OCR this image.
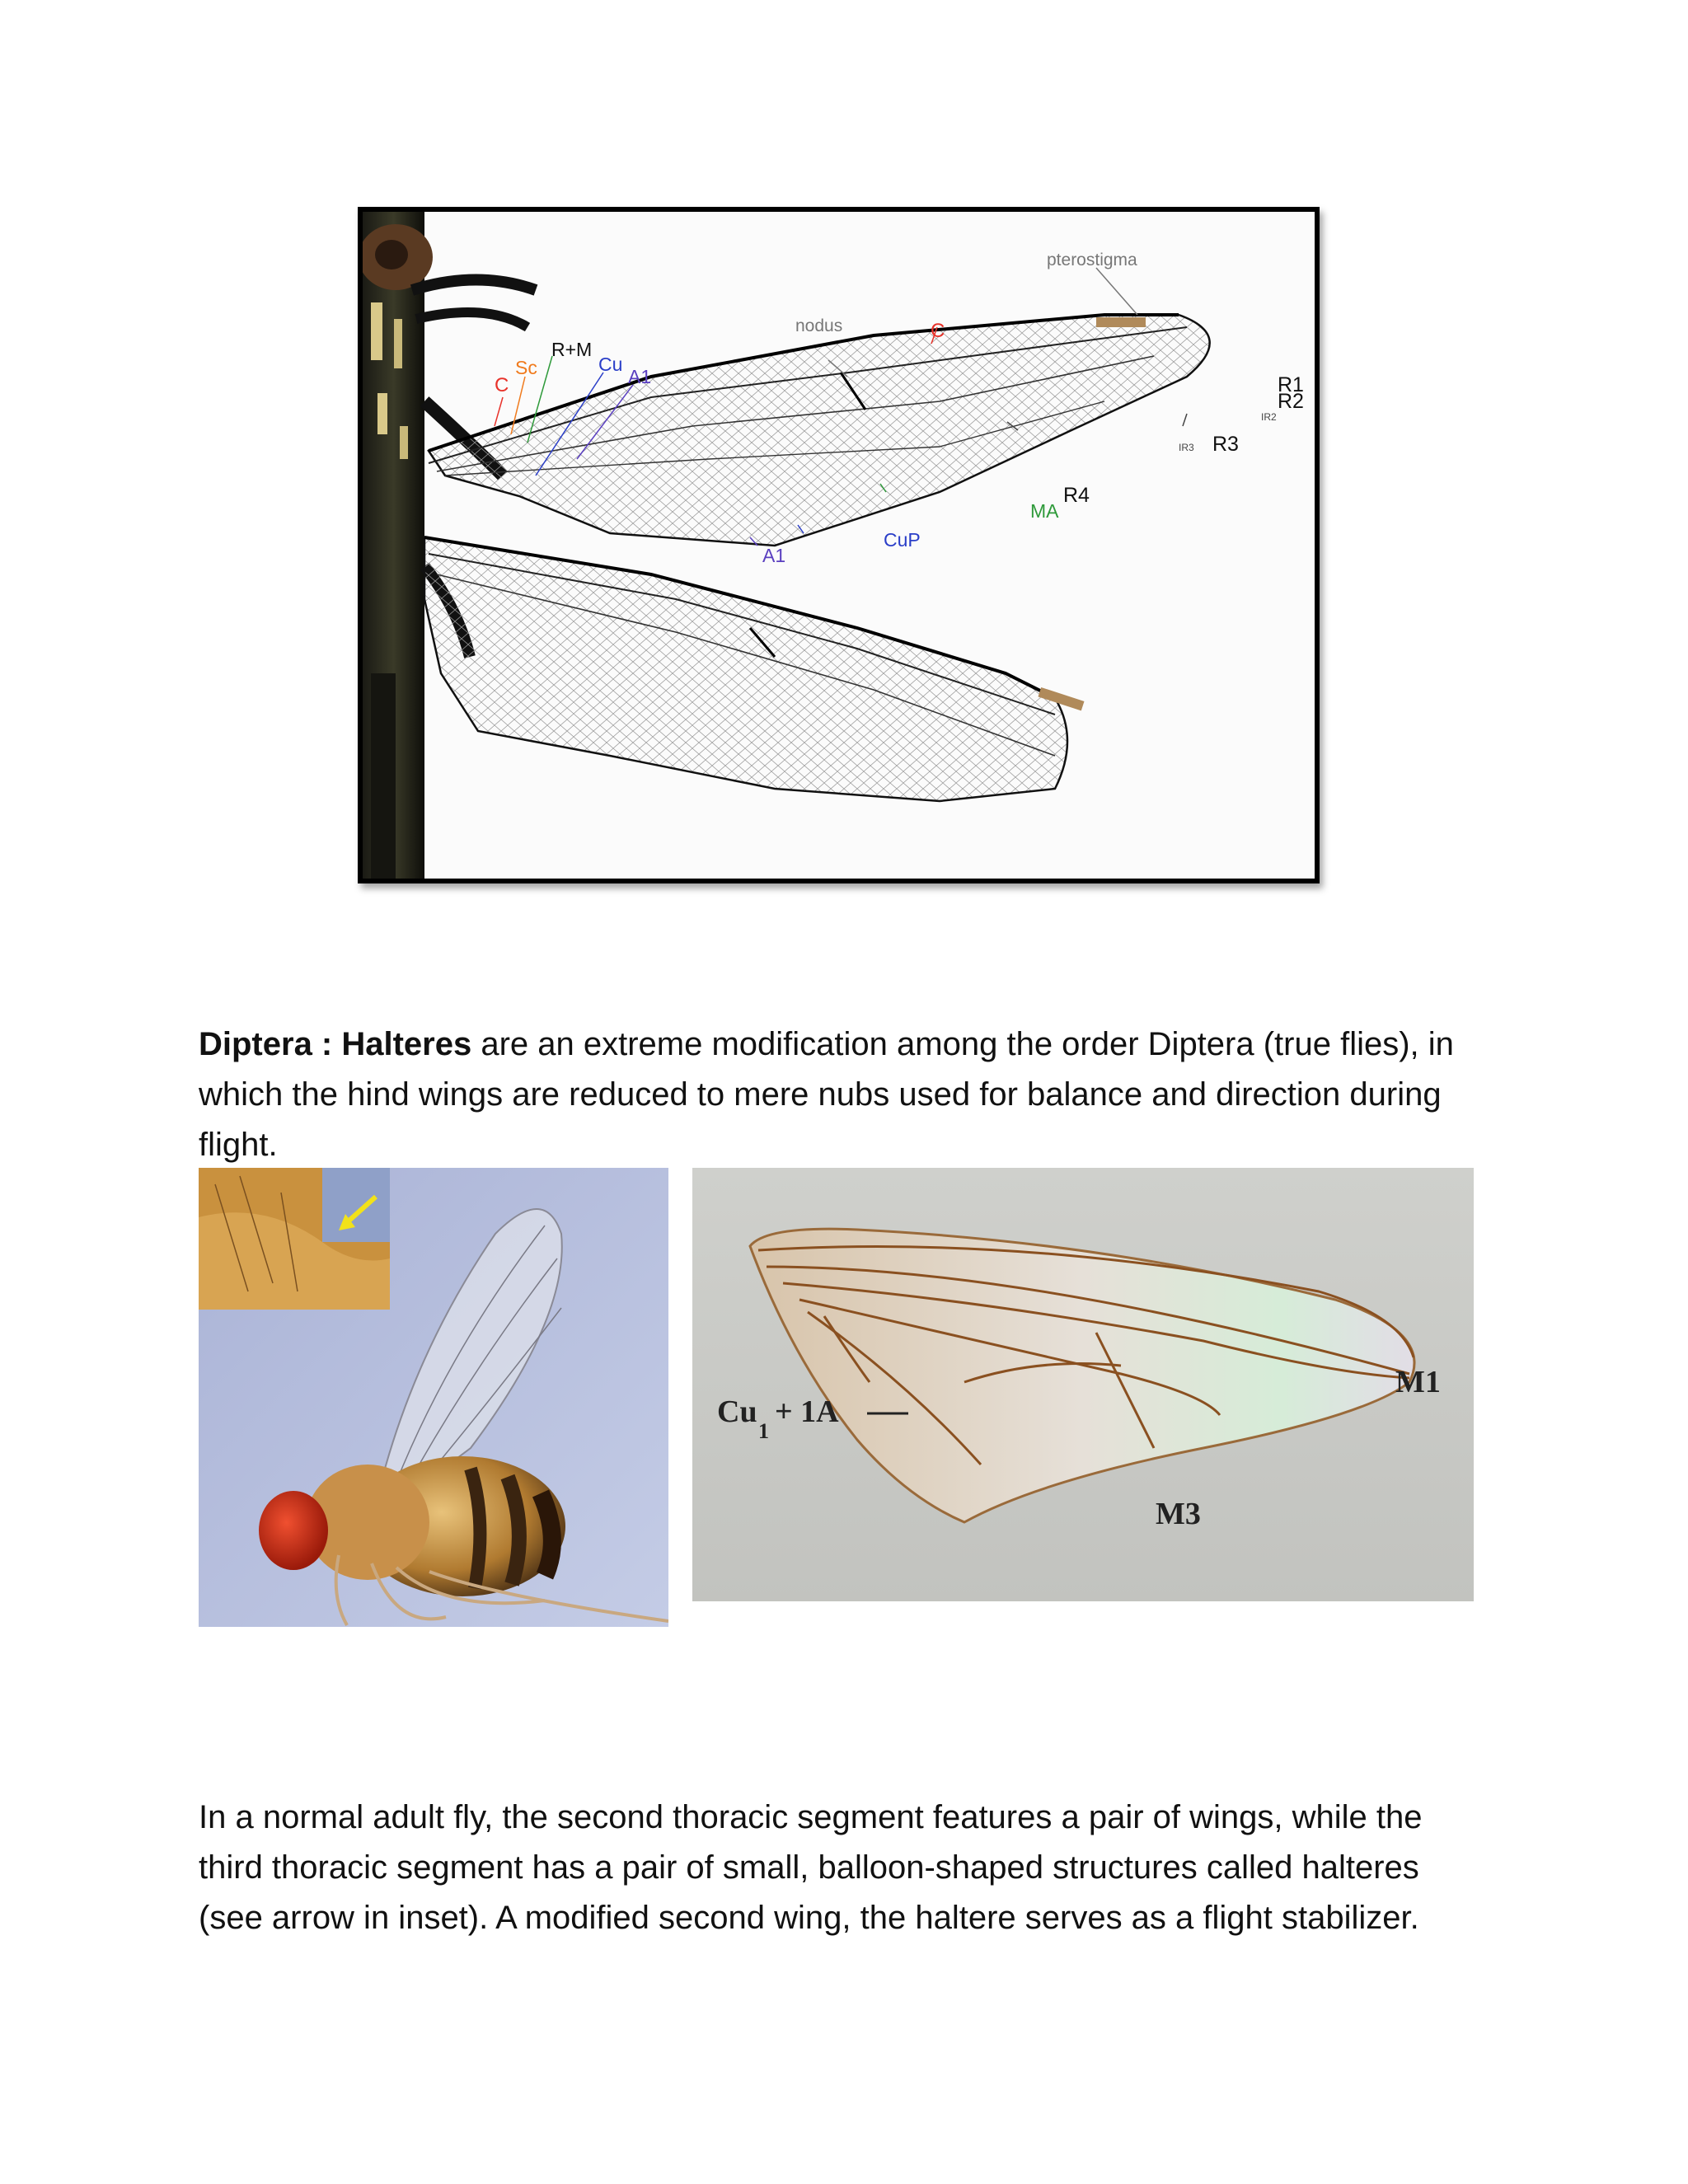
pterostigma
nodus	C
C
Sc
R+M
Cu
A1	R1
R2
IR2
IR3 R3
R4
MA
CuP
A1

Diptera : Halteres are an extreme modification among the order Diptera (true flies), in which the hind wings are reduced to mere nubs used for balance and direction during flight.

Cu
1
+ 1A
M1
M3

In a normal adult fly, the second thoracic segment features a pair of wings, while the third thoracic segment has a pair of small, balloon-shaped structures called halteres (see arrow in inset). A modified second wing, the haltere serves as a flight stabilizer.
